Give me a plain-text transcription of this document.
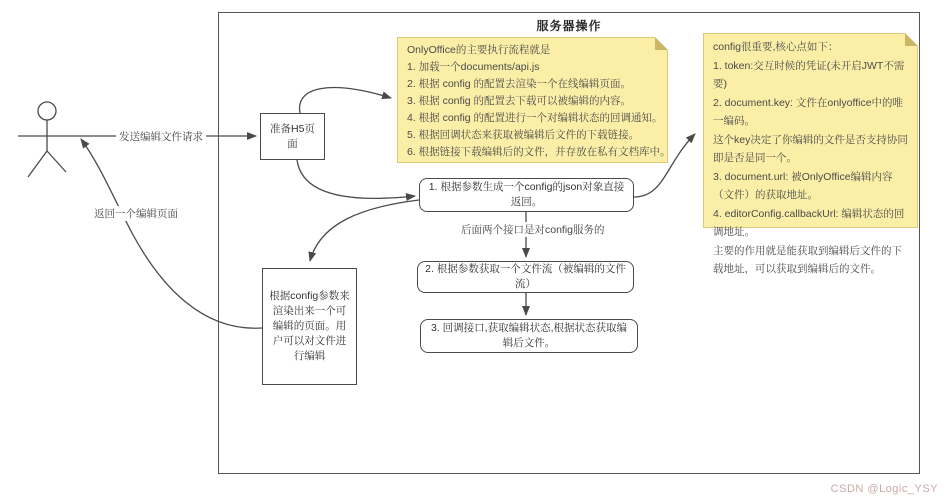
服务器操作
OnlyOffice的主要执行流程就是
1. 加载一个documents/api.js
2. 根据 config 的配置去渲染一个在线编辑页面。
3. 根据 config 的配置去下载可以被编辑的内容。
4. 根据 config 的配置进行一个对编辑状态的回调通知。
5. 根据回调状态来获取被编辑后文件的下载链接。
6. 根据链接下载编辑后的文件，并存放在私有文档库中。
config很重要,核心点如下：
1. token:交互时候的凭证(未开启JWT不需要)
2. document.key: 文件在onlyoffice中的唯一编码。
这个key决定了你编辑的文件是否支持协同即是否是同一个。
3. document.url: 被OnlyOffice编辑内容（文件）的获取地址。
4. editorConfig.callbackUrl: 编辑状态的回调地址。
主要的作用就是能获取到编辑后文件的下载地址，可以获取到编辑后的文件。
准备H5页面
根据config参数来渲染出来一个可编辑的页面。用户可以对文件进行编辑
1. 根据参数生成一个config的json对象直接返回。
2. 根据参数获取一个文件流（被编辑的文件流）
3. 回调接口,获取编辑状态,根据状态获取编辑后文件。
发送编辑文件请求
返回一个编辑页面
后面两个接口是对config服务的
CSDN @Logic_YSY
